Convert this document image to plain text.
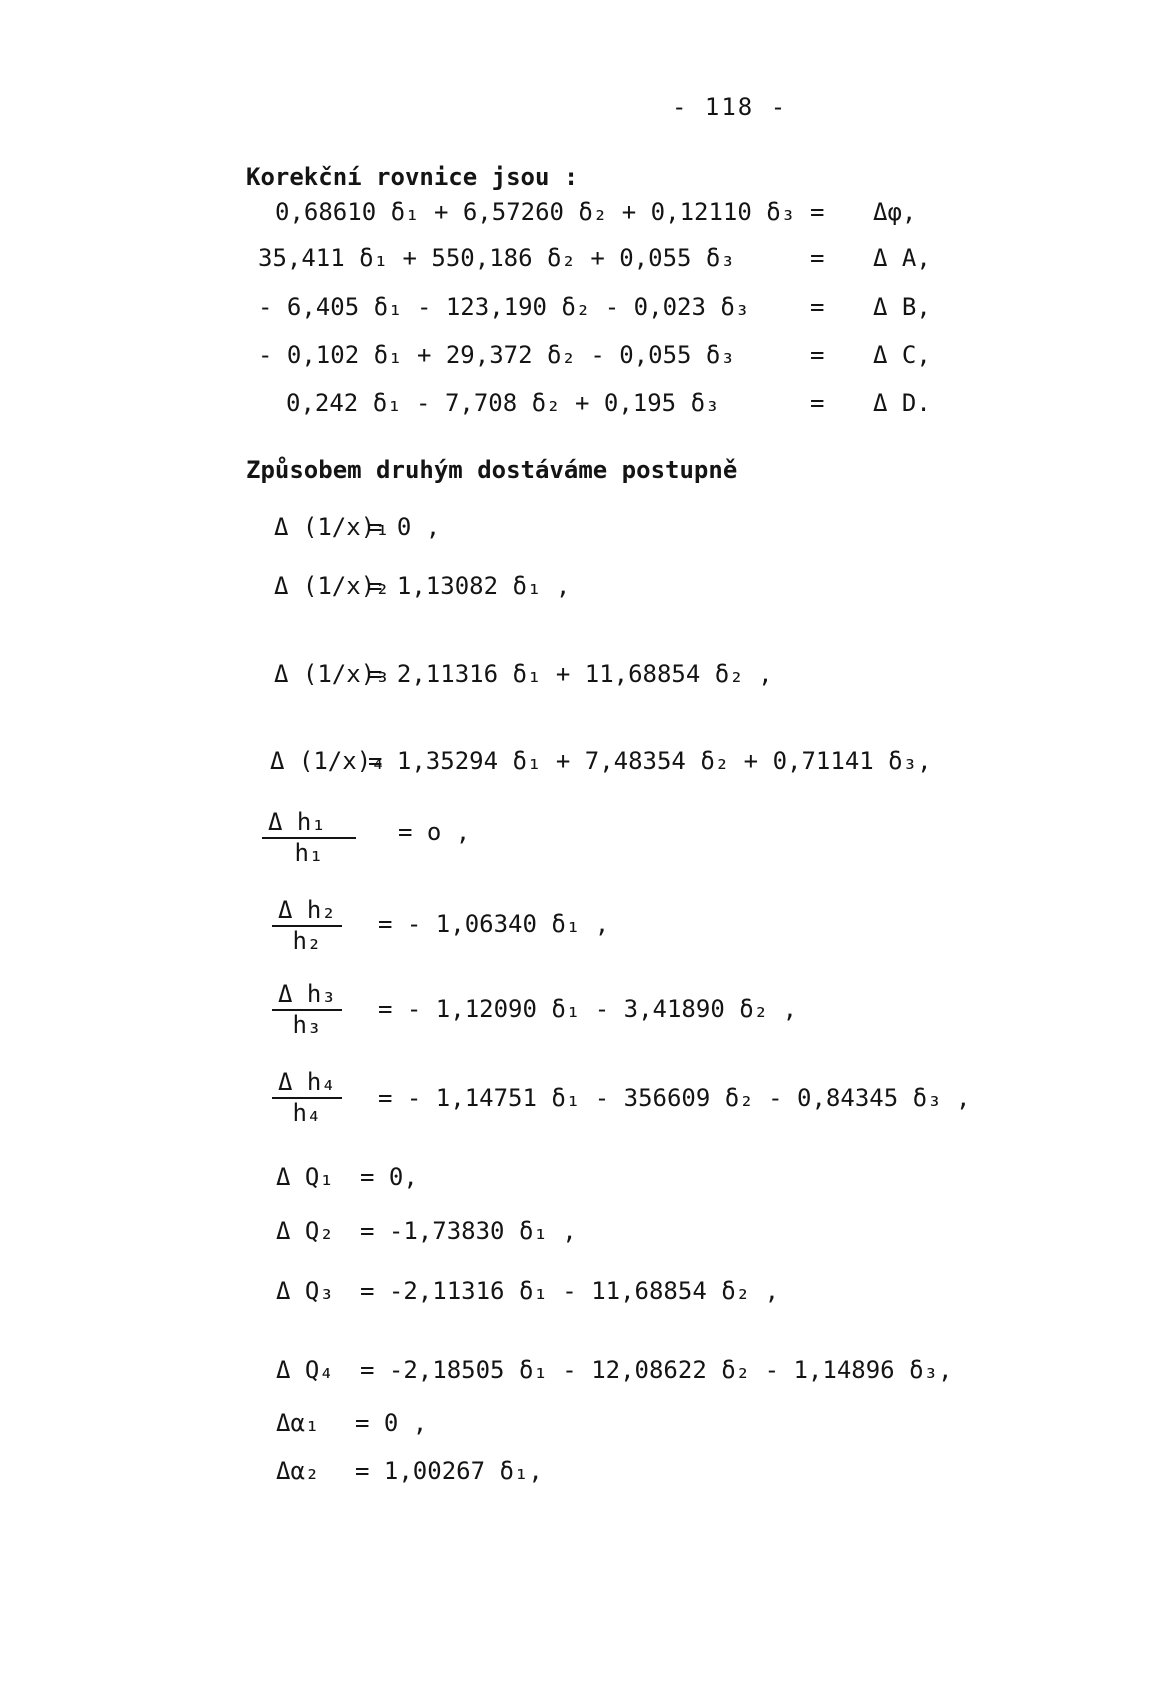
- 118 -
Korekční rovnice jsou :
0,68610 δ₁ + 6,57260 δ₂ + 0,12110 δ₃ = Δφ,
35,411 δ₁ + 550,186 δ₂ + 0,055 δ₃	= Δ A,
- 6,405 δ₁ - 123,190 δ₂ - 0,023 δ₃	= Δ B,
- 0,102 δ₁ + 29,372 δ₂ - 0,055 δ₃	= Δ C,
0,242 δ₁ - 7,708 δ₂ + 0,195 δ₃	= Δ D.
Způsobem druhým dostáváme postupně
Δ (1/x)₁
= 0 ,
Δ (1/x)₂
= 1,13082 δ₁ ,
Δ (1/x)₃
= 2,11316 δ₁ + 11,68854 δ₂ ,
Δ (1/x)₄
= 1,35294 δ₁ + 7,48354 δ₂ + 0,71141 δ₃,
$\frac{\text{Δ h₁}}{\text{h₁}} = o$ ,
$\frac{\text{Δ h₂}}{\text{h₂}}$ = - 1,06340 δ₁ ,
$\frac{\text{Δ h₃}}{\text{h₃}}$ = - 1,12090 δ₁ - 3,41890 δ₂ ,
$\frac{\text{Δ h₄}}{\text{h₄}}$ = - 1,14751 δ₁ - 356609 δ₂ - 0,84345 δ₃ ,
Δ Q₁ = 0,
Δ Q₂ = -1,73830 δ₁ ,
Δ Q₃ = -2,11316 δ₁ - 11,68854 δ₂ ,
Δ Q₄ = -2,18505 δ₁ - 12,08622 δ₂ - 1,14896 δ₃,
Δα₁ = 0 ,
Δα₂ = 1,00267 δ₁,
